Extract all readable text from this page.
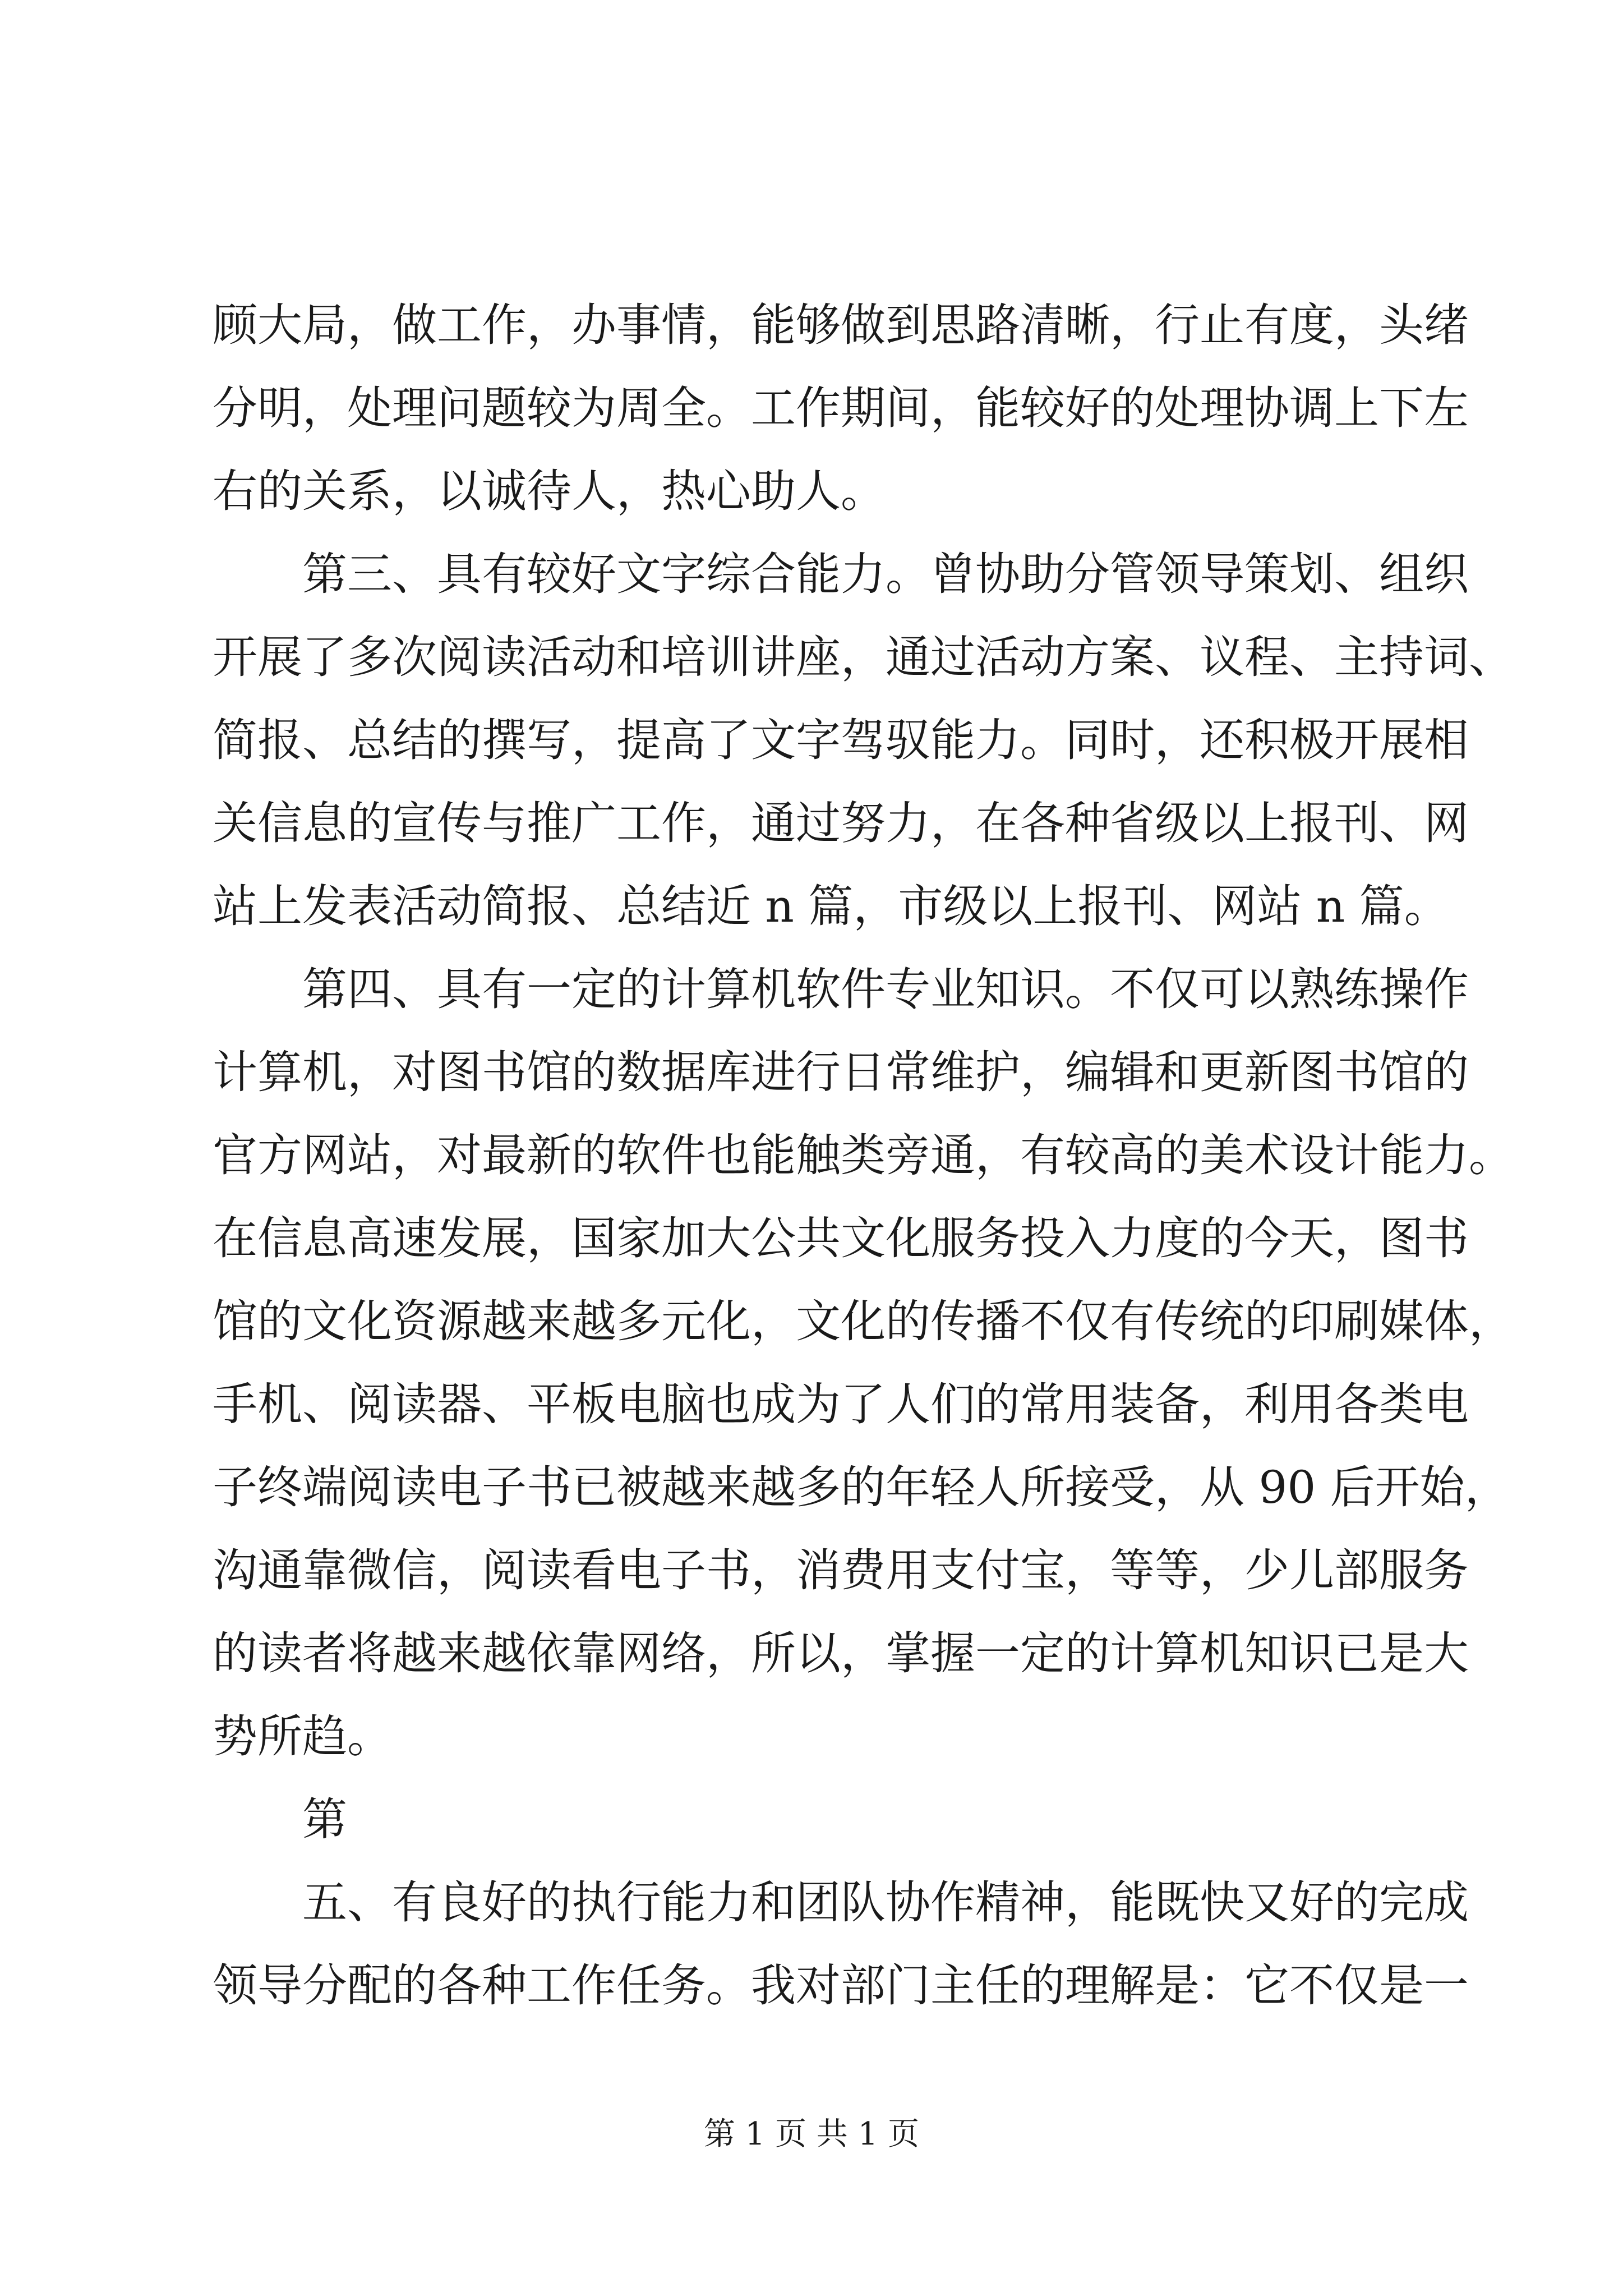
顾大局，做工作，办事情，能够做到思路清晰，行止有度，头绪
分明，处理问题较为周全。工作期间，能较好的处理协调上下左
右的关系，以诚待人，热心助人。
第三、具有较好文字综合能力。曾协助分管领导策划、组织
开展了多次阅读活动和培训讲座，通过活动方案、议程、主持词、
简报、总结的撰写，提高了文字驾驭能力。同时，还积极开展相
关信息的宣传与推广工作，通过努力，在各种省级以上报刊、网
站上发表活动简报、总结近 n 篇，市级以上报刊、网站 n 篇。
第四、具有一定的计算机软件专业知识。不仅可以熟练操作
计算机，对图书馆的数据库进行日常维护，编辑和更新图书馆的
官方网站，对最新的软件也能触类旁通，有较高的美术设计能力。
在信息高速发展，国家加大公共文化服务投入力度的今天，图书
馆的文化资源越来越多元化，文化的传播不仅有传统的印刷媒体，
手机、阅读器、平板电脑也成为了人们的常用装备，利用各类电
子终端阅读电子书已被越来越多的年轻人所接受，从 90 后开始，
沟通靠微信，阅读看电子书，消费用支付宝，等等，少儿部服务
的读者将越来越依靠网络，所以，掌握一定的计算机知识已是大
势所趋。
第
五、有良好的执行能力和团队协作精神，能既快又好的完成
领导分配的各种工作任务。我对部门主任的理解是：它不仅是一
第 1 页 共 1 页
